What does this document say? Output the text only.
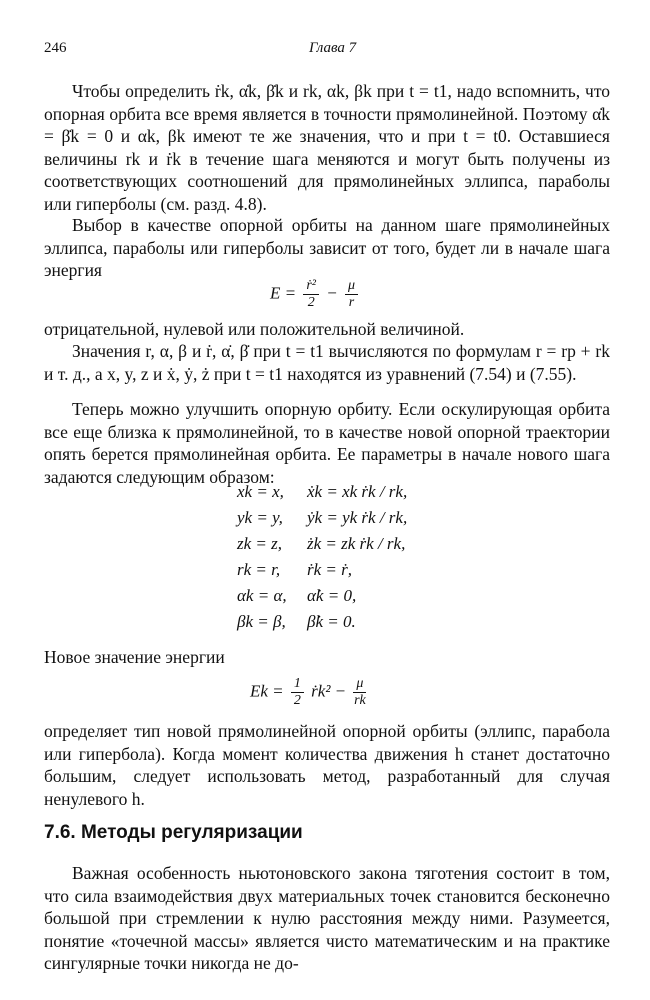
246	Глава 7

Чтобы определить ṙk, α̇k, β̇k и rk, αk, βk при t = t1, надо вспомнить, что опорная орбита все время является в точности прямолинейной. Поэтому α̇k = β̇k = 0 и αk, βk имеют те же значения, что и при t = t0. Оставшиеся величины rk и ṙk в течение шага меняются и могут быть получены из соответствующих соотношений для прямолинейных эллипса, параболы или гиперболы (см. разд. 4.8).

Выбор в качестве опорной орбиты на данном шаге прямолинейных эллипса, параболы или гиперболы зависит от того, будет ли в начале шага энергия

$E = \frac{\text{ṙ²}}{2} - \frac{\mu}{r}$

отрицательной, нулевой или положительной величиной.

Значения r, α, β и ṙ, α̇, β̇ при t = t1 вычисляются по формулам r = rp + rk и т. д., а x, y, z и ẋ, ẏ, ż при t = t1 находятся из уравнений (7.54) и (7.55).

Теперь можно улучшить опорную орбиту. Если оскулирующая орбита все еще близка к прямолинейной, то в качестве новой опорной траектории опять берется прямолинейная орбита. Ее параметры в начале нового шага задаются следующим образом:

xk = x, ẋk = xk ṙk / rk,
yk = y, ẏk = yk ṙk / rk,
zk = z, żk = zk ṙk / rk,
rk = r, ṙk = ṙ,
αk = α, α̇k = 0,
βk = β, β̇k = 0.

Новое значение энергии

$Ek = \frac{1}{2}$ ṙk² − $\frac{\mu}{rk}$

определяет тип новой прямолинейной опорной орбиты (эллипс, парабола или гипербола). Когда момент количества движения h станет достаточно большим, следует использовать метод, разработанный для случая ненулевого h.

7.6. Методы регуляризации

Важная особенность ньютоновского закона тяготения состоит в том, что сила взаимодействия двух материальных точек становится бесконечно большой при стремлении к нулю расстояния между ними. Разумеется, понятие «точечной массы» является чисто математическим и на практике сингулярные точки никогда не до-
